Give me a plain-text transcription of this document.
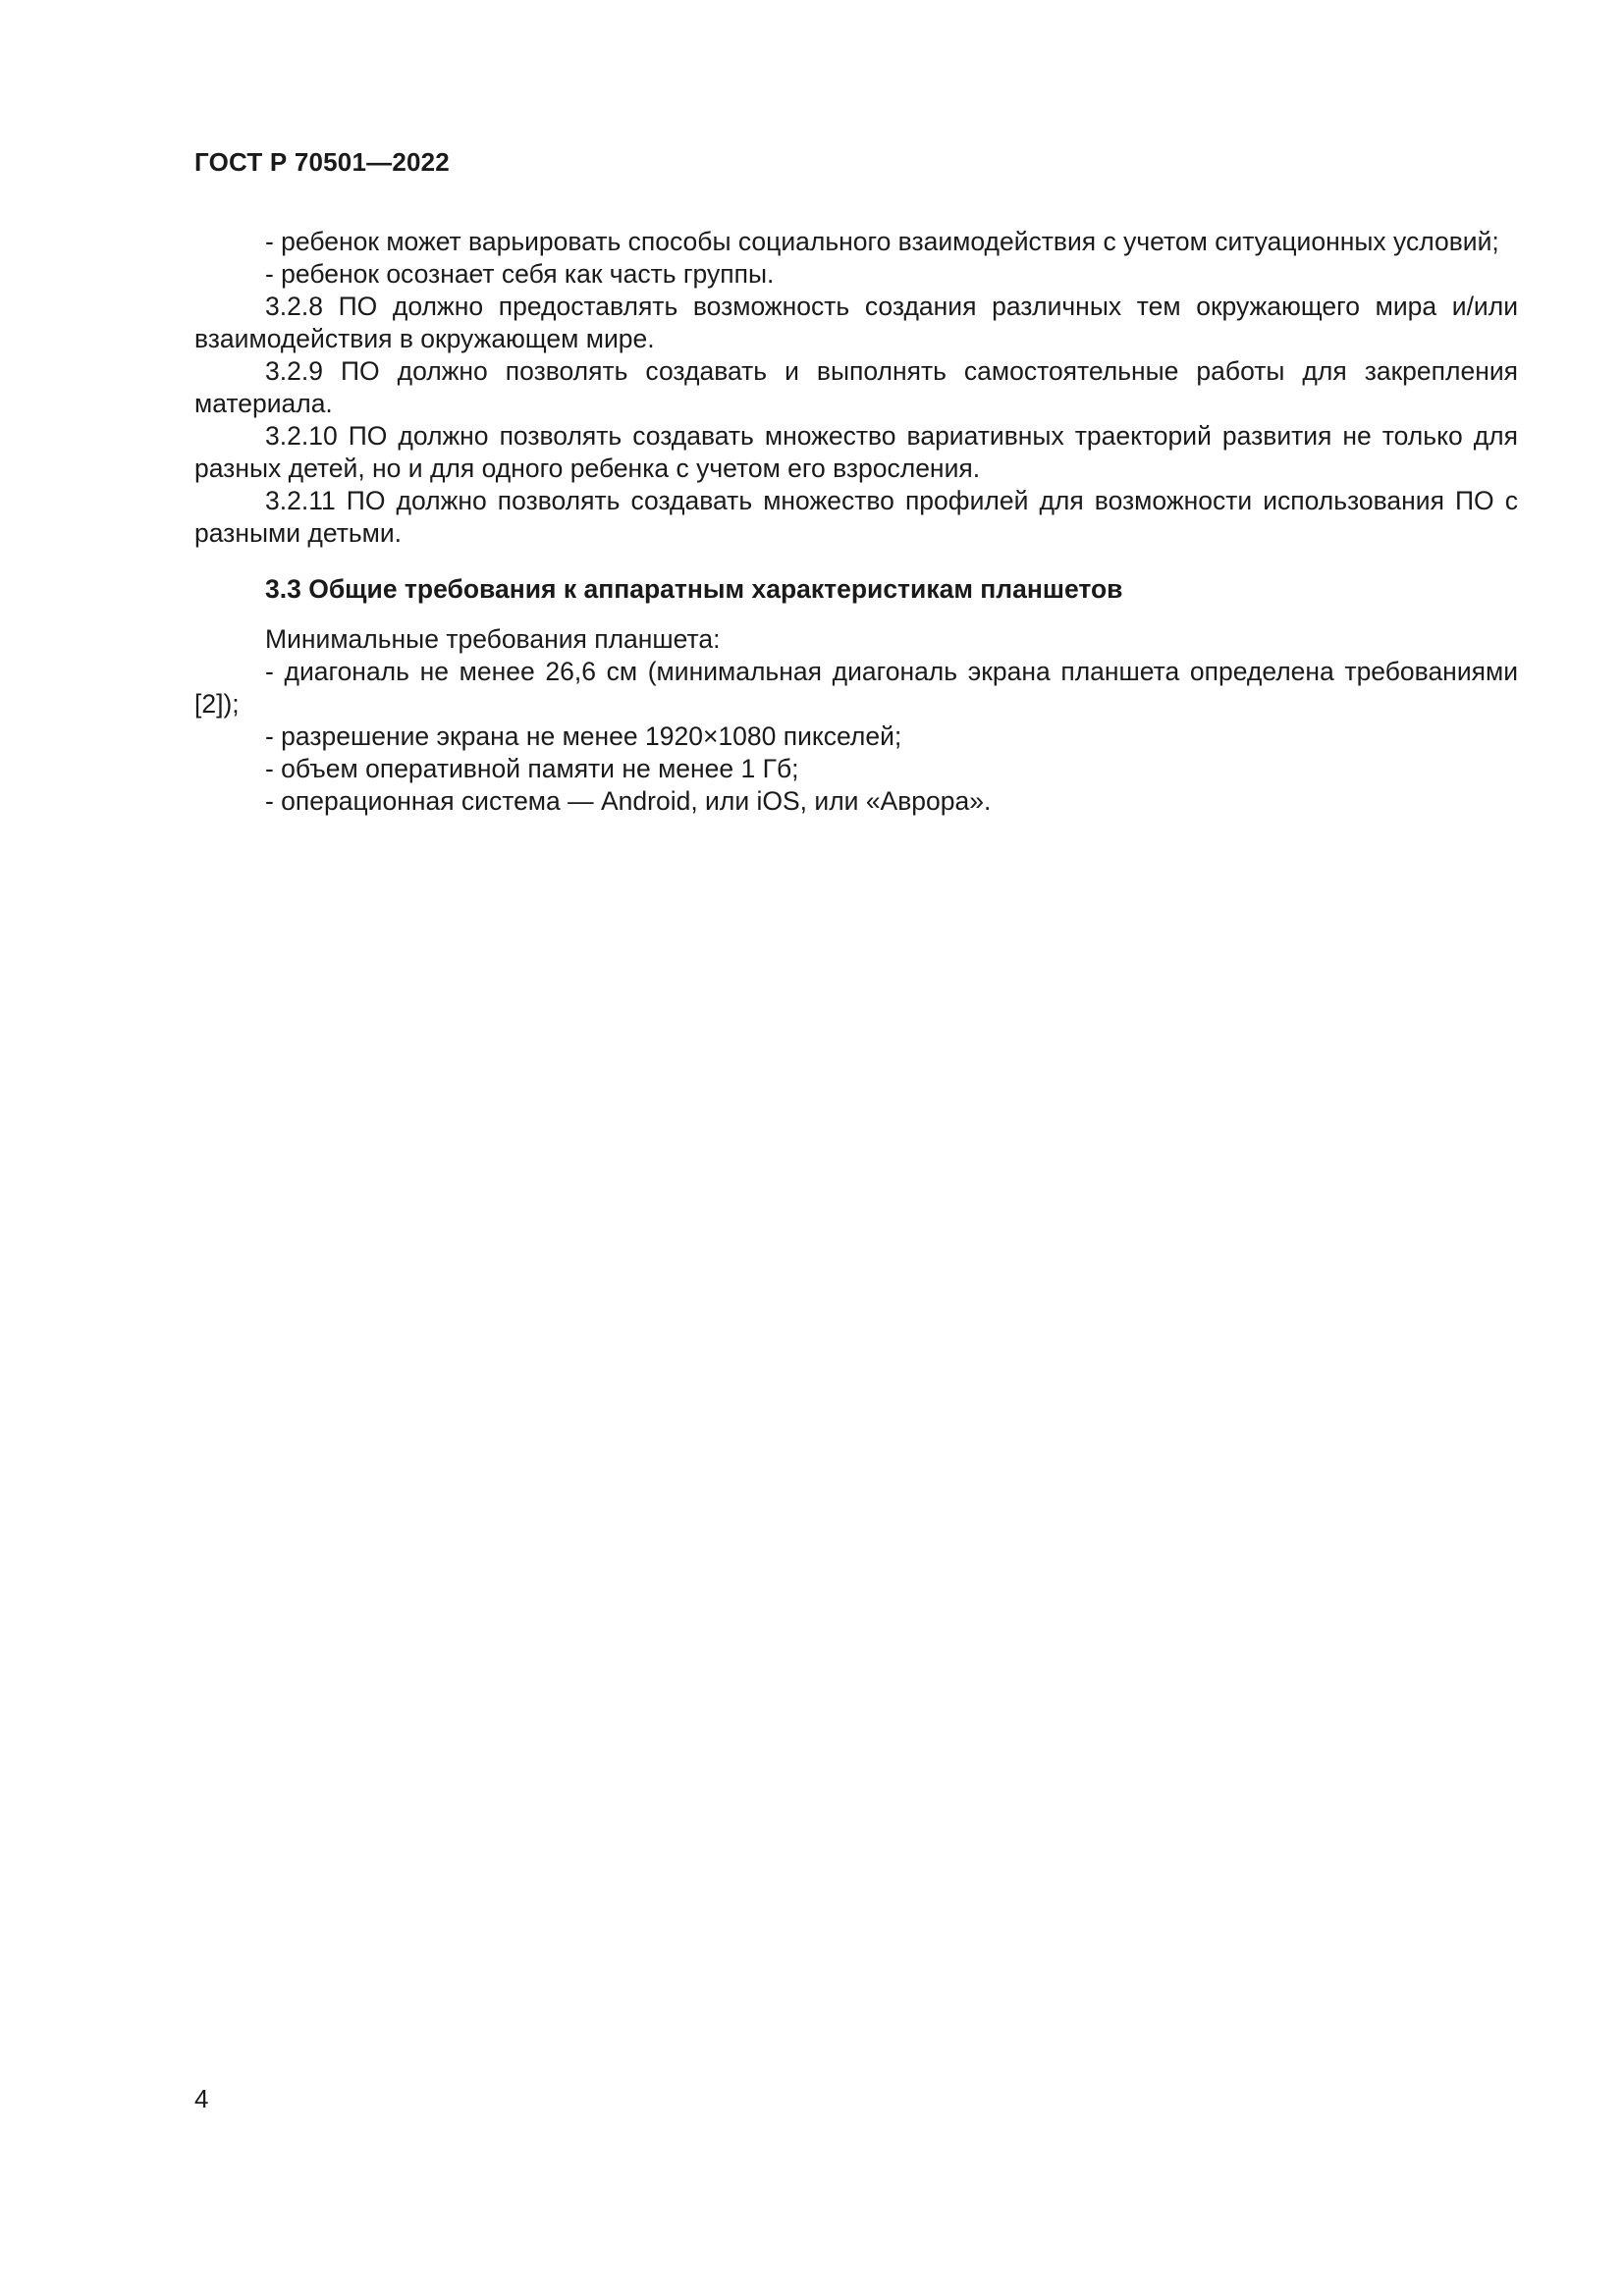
ГОСТ Р 70501—2022

- ребенок может варьировать способы социального взаимодействия с учетом ситуационных условий;

- ребенок осознает себя как часть группы.

3.2.8 ПО должно предоставлять возможность создания различных тем окружающего мира и/или взаимодействия в окружающем мире.

3.2.9 ПО должно позволять создавать и выполнять самостоятельные работы для закрепления материала.

3.2.10 ПО должно позволять создавать множество вариативных траекторий развития не только для разных детей, но и для одного ребенка с учетом его взросления.

3.2.11 ПО должно позволять создавать множество профилей для возможности использования ПО с разными детьми.

3.3 Общие требования к аппаратным характеристикам планшетов

Минимальные требования планшета:

- диагональ не менее 26,6 см (минимальная диагональ экрана планшета определена требованиями [2]);

- разрешение экрана не менее 1920×1080 пикселей;

- объем оперативной памяти не менее 1 Гб;

- операционная система — Android, или iOS, или «Аврора».

4
